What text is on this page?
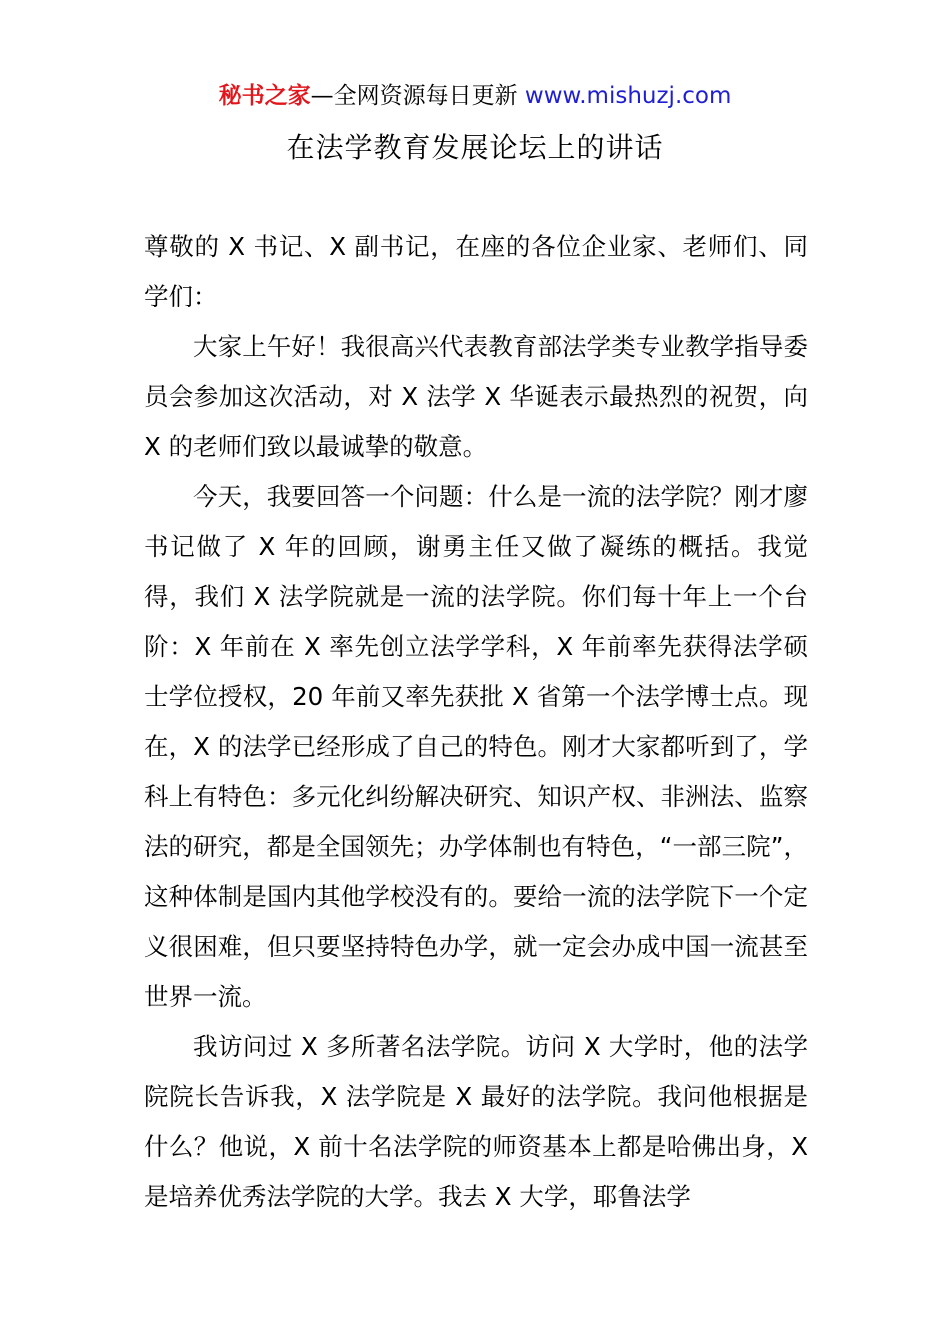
秘书之家—全网资源每日更新 www.mishuzj.com
在法学教育发展论坛上的讲话

尊敬的 X 书记、X 副书记，在座的各位企业家、老师们、同学们：

大家上午好！我很高兴代表教育部法学类专业教学指导委员会参加这次活动，对 X 法学 X 华诞表示最热烈的祝贺，向 X 的老师们致以最诚挚的敬意。

今天，我要回答一个问题：什么是一流的法学院？刚才廖书记做了 X 年的回顾，谢勇主任又做了凝练的概括。我觉得，我们 X 法学院就是一流的法学院。你们每十年上一个台阶：X 年前在 X 率先创立法学学科，X 年前率先获得法学硕士学位授权，20 年前又率先获批 X 省第一个法学博士点。现在，X 的法学已经形成了自己的特色。刚才大家都听到了，学科上有特色：多元化纠纷解决研究、知识产权、非洲法、监察法的研究，都是全国领先；办学体制也有特色，“一部三院”，这种体制是国内其他学校没有的。要给一流的法学院下一个定义很困难，但只要坚持特色办学，就一定会办成中国一流甚至世界一流。

我访问过 X 多所著名法学院。访问 X 大学时，他的法学院院长告诉我，X 法学院是 X 最好的法学院。我问他根据是什么？他说，X 前十名法学院的师资基本上都是哈佛出身，X 是培养优秀法学院的大学。我去 X 大学，耶鲁法学
